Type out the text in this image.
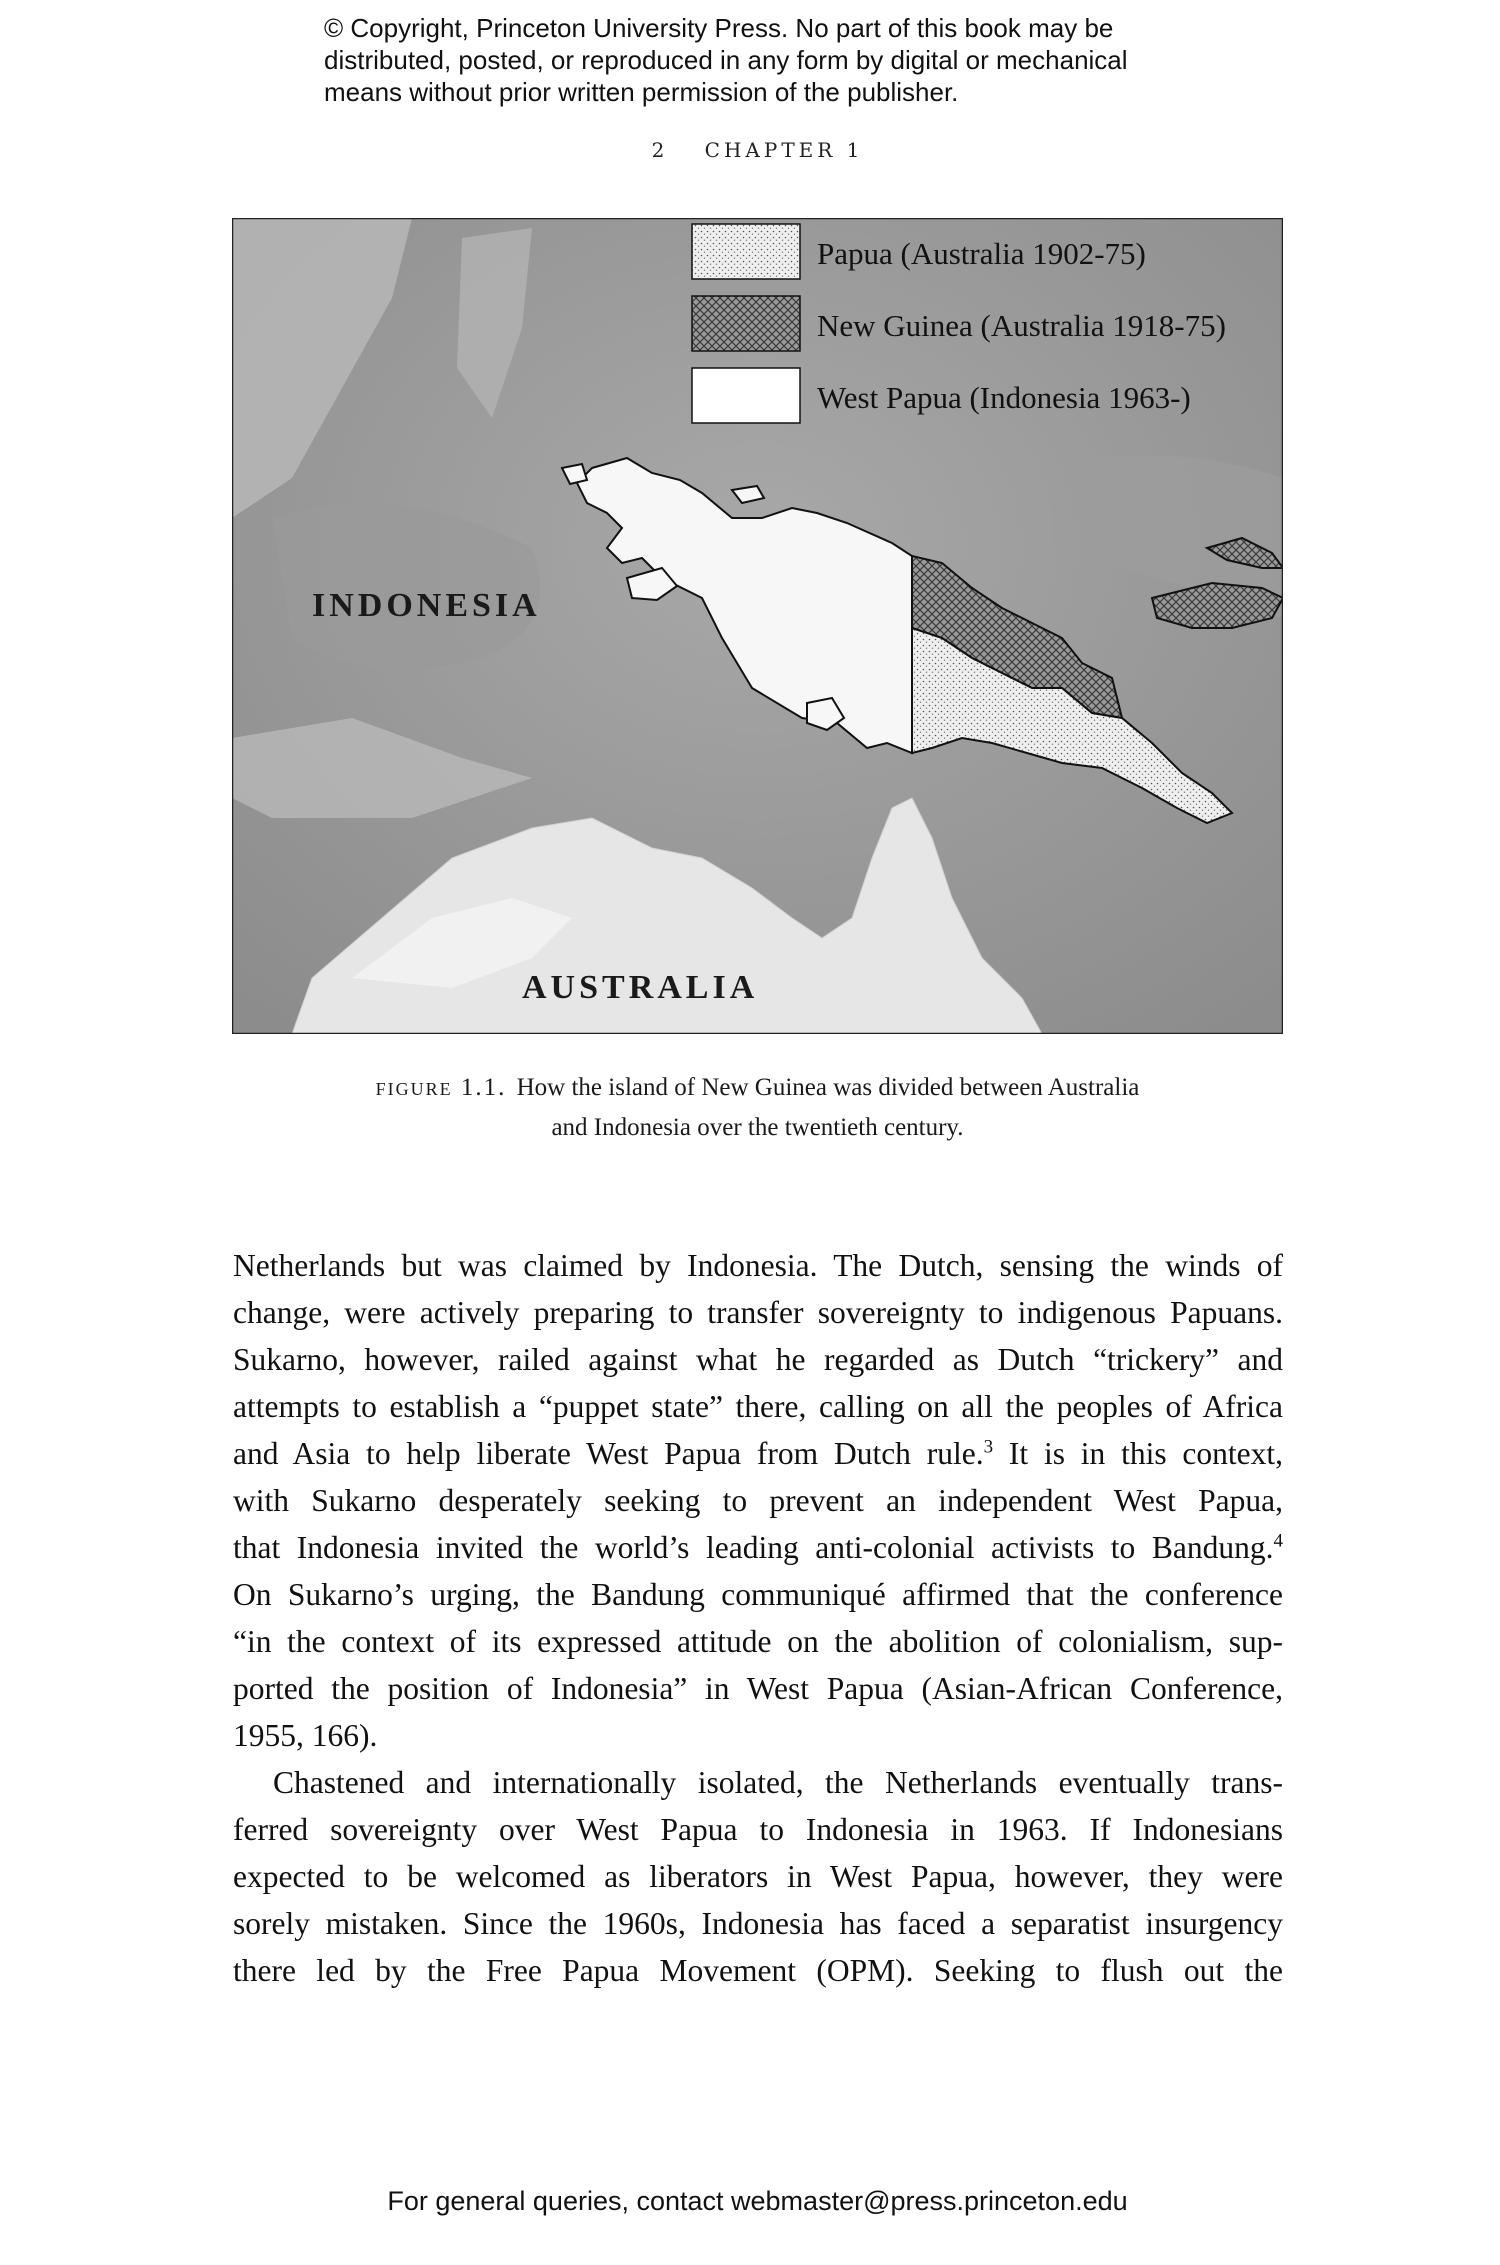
© Copyright, Princeton University Press. No part of this book may be
distributed, posted, or reproduced in any form by digital or mechanical
means without prior written permission of the publisher.
2 CHAPTER 1
Papua (Australia 1902-75)
New Guinea (Australia 1918-75)
West Papua (Indonesia 1963-)
INDONESIA
AUSTRALIA
figure 1.1. How the island of New Guinea was divided between Australia
and Indonesia over the twentieth century.
Netherlands but was claimed by Indonesia. The Dutch, sensing the winds of
change, were actively preparing to transfer sovereignty to indigenous Papuans.
Sukarno, however, railed against what he regarded as Dutch “trickery” and
attempts to establish a “puppet state” there, calling on all the peoples of Africa
and Asia to help liberate West Papua from Dutch rule.$^3$ It is in this context,
with Sukarno desperately seeking to prevent an independent West Papua,
that Indonesia invited the world’s leading anti-colonial activists to Bandung.$^4$
On Sukarno’s urging, the Bandung communiqué affirmed that the conference
“in the context of its expressed attitude on the abolition of colonialism, sup-
ported the position of Indonesia” in West Papua (Asian-African Conference,
1955, 166).
Chastened and internationally isolated, the Netherlands eventually trans-
ferred sovereignty over West Papua to Indonesia in 1963. If Indonesians
expected to be welcomed as liberators in West Papua, however, they were
sorely mistaken. Since the 1960s, Indonesia has faced a separatist insurgency
there led by the Free Papua Movement (OPM). Seeking to flush out the
For general queries, contact webmaster@press.princeton.edu
